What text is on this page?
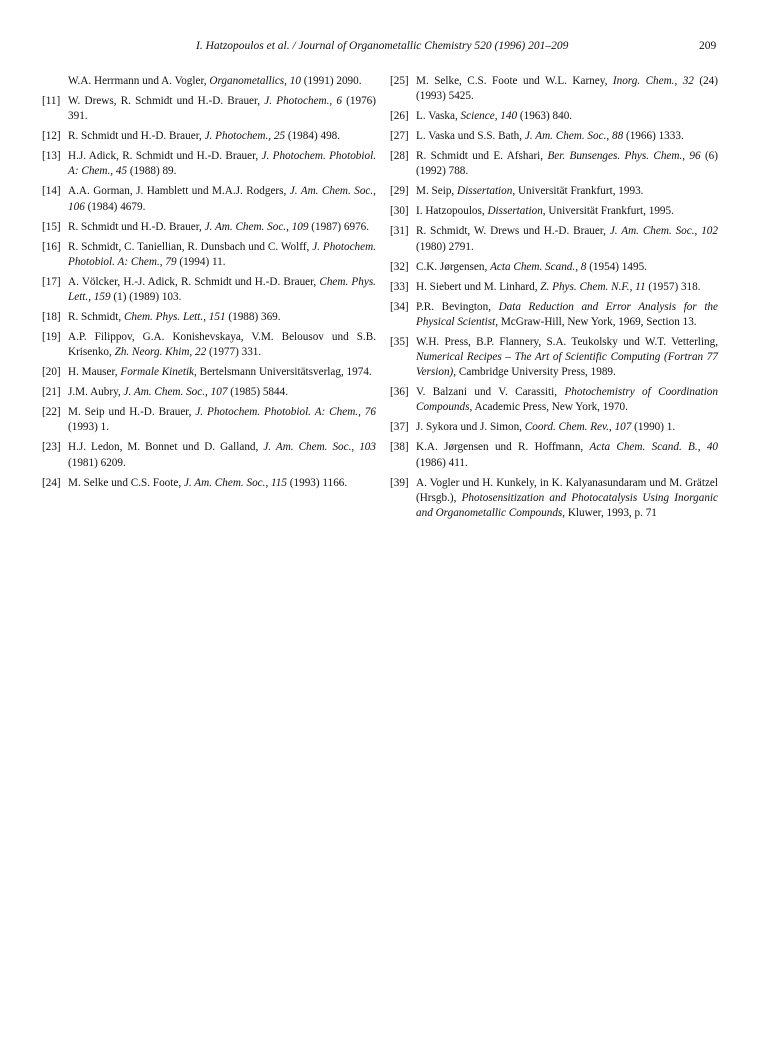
I. Hatzopoulos et al. / Journal of Organometallic Chemistry 520 (1996) 201–209	209
W.A. Herrmann und A. Vogler, Organometallics, 10 (1991) 2090.
[11] W. Drews, R. Schmidt und H.-D. Brauer, J. Photochem., 6 (1976) 391.
[12] R. Schmidt und H.-D. Brauer, J. Photochem., 25 (1984) 498.
[13] H.J. Adick, R. Schmidt und H.-D. Brauer, J. Photochem. Photobiol. A: Chem., 45 (1988) 89.
[14] A.A. Gorman, J. Hamblett und M.A.J. Rodgers, J. Am. Chem. Soc., 106 (1984) 4679.
[15] R. Schmidt und H.-D. Brauer, J. Am. Chem. Soc., 109 (1987) 6976.
[16] R. Schmidt, C. Taniellian, R. Dunsbach und C. Wolff, J. Photochem. Photobiol. A: Chem., 79 (1994) 11.
[17] A. Völcker, H.-J. Adick, R. Schmidt und H.-D. Brauer, Chem. Phys. Lett., 159 (1) (1989) 103.
[18] R. Schmidt, Chem. Phys. Lett., 151 (1988) 369.
[19] A.P. Filippov, G.A. Konishevskaya, V.M. Belousov und S.B. Krisenko, Zh. Neorg. Khim, 22 (1977) 331.
[20] H. Mauser, Formale Kinetik, Bertelsmann Universitätsverlag, 1974.
[21] J.M. Aubry, J. Am. Chem. Soc., 107 (1985) 5844.
[22] M. Seip und H.-D. Brauer, J. Photochem. Photobiol. A: Chem., 76 (1993) 1.
[23] H.J. Ledon, M. Bonnet und D. Galland, J. Am. Chem. Soc., 103 (1981) 6209.
[24] M. Selke und C.S. Foote, J. Am. Chem. Soc., 115 (1993) 1166.
[25] M. Selke, C.S. Foote und W.L. Karney, Inorg. Chem., 32 (24) (1993) 5425.
[26] L. Vaska, Science, 140 (1963) 840.
[27] L. Vaska und S.S. Bath, J. Am. Chem. Soc., 88 (1966) 1333.
[28] R. Schmidt und E. Afshari, Ber. Bunsenges. Phys. Chem., 96 (6) (1992) 788.
[29] M. Seip, Dissertation, Universität Frankfurt, 1993.
[30] I. Hatzopoulos, Dissertation, Universität Frankfurt, 1995.
[31] R. Schmidt, W. Drews und H.-D. Brauer, J. Am. Chem. Soc., 102 (1980) 2791.
[32] C.K. Jørgensen, Acta Chem. Scand., 8 (1954) 1495.
[33] H. Siebert und M. Linhard, Z. Phys. Chem. N.F., 11 (1957) 318.
[34] P.R. Bevington, Data Reduction and Error Analysis for the Physical Scientist, McGraw-Hill, New York, 1969, Section 13.
[35] W.H. Press, B.P. Flannery, S.A. Teukolsky und W.T. Vetterling, Numerical Recipes – The Art of Scientific Computing (Fortran 77 Version), Cambridge University Press, 1989.
[36] V. Balzani und V. Carassiti, Photochemistry of Coordination Compounds, Academic Press, New York, 1970.
[37] J. Sykora und J. Simon, Coord. Chem. Rev., 107 (1990) 1.
[38] K.A. Jørgensen und R. Hoffmann, Acta Chem. Scand. B., 40 (1986) 411.
[39] A. Vogler und H. Kunkely, in K. Kalyanasundaram und M. Grätzel (Hrsgb.), Photosensitization and Photocatalysis Using Inorganic and Organometallic Compounds, Kluwer, 1993, p. 71
